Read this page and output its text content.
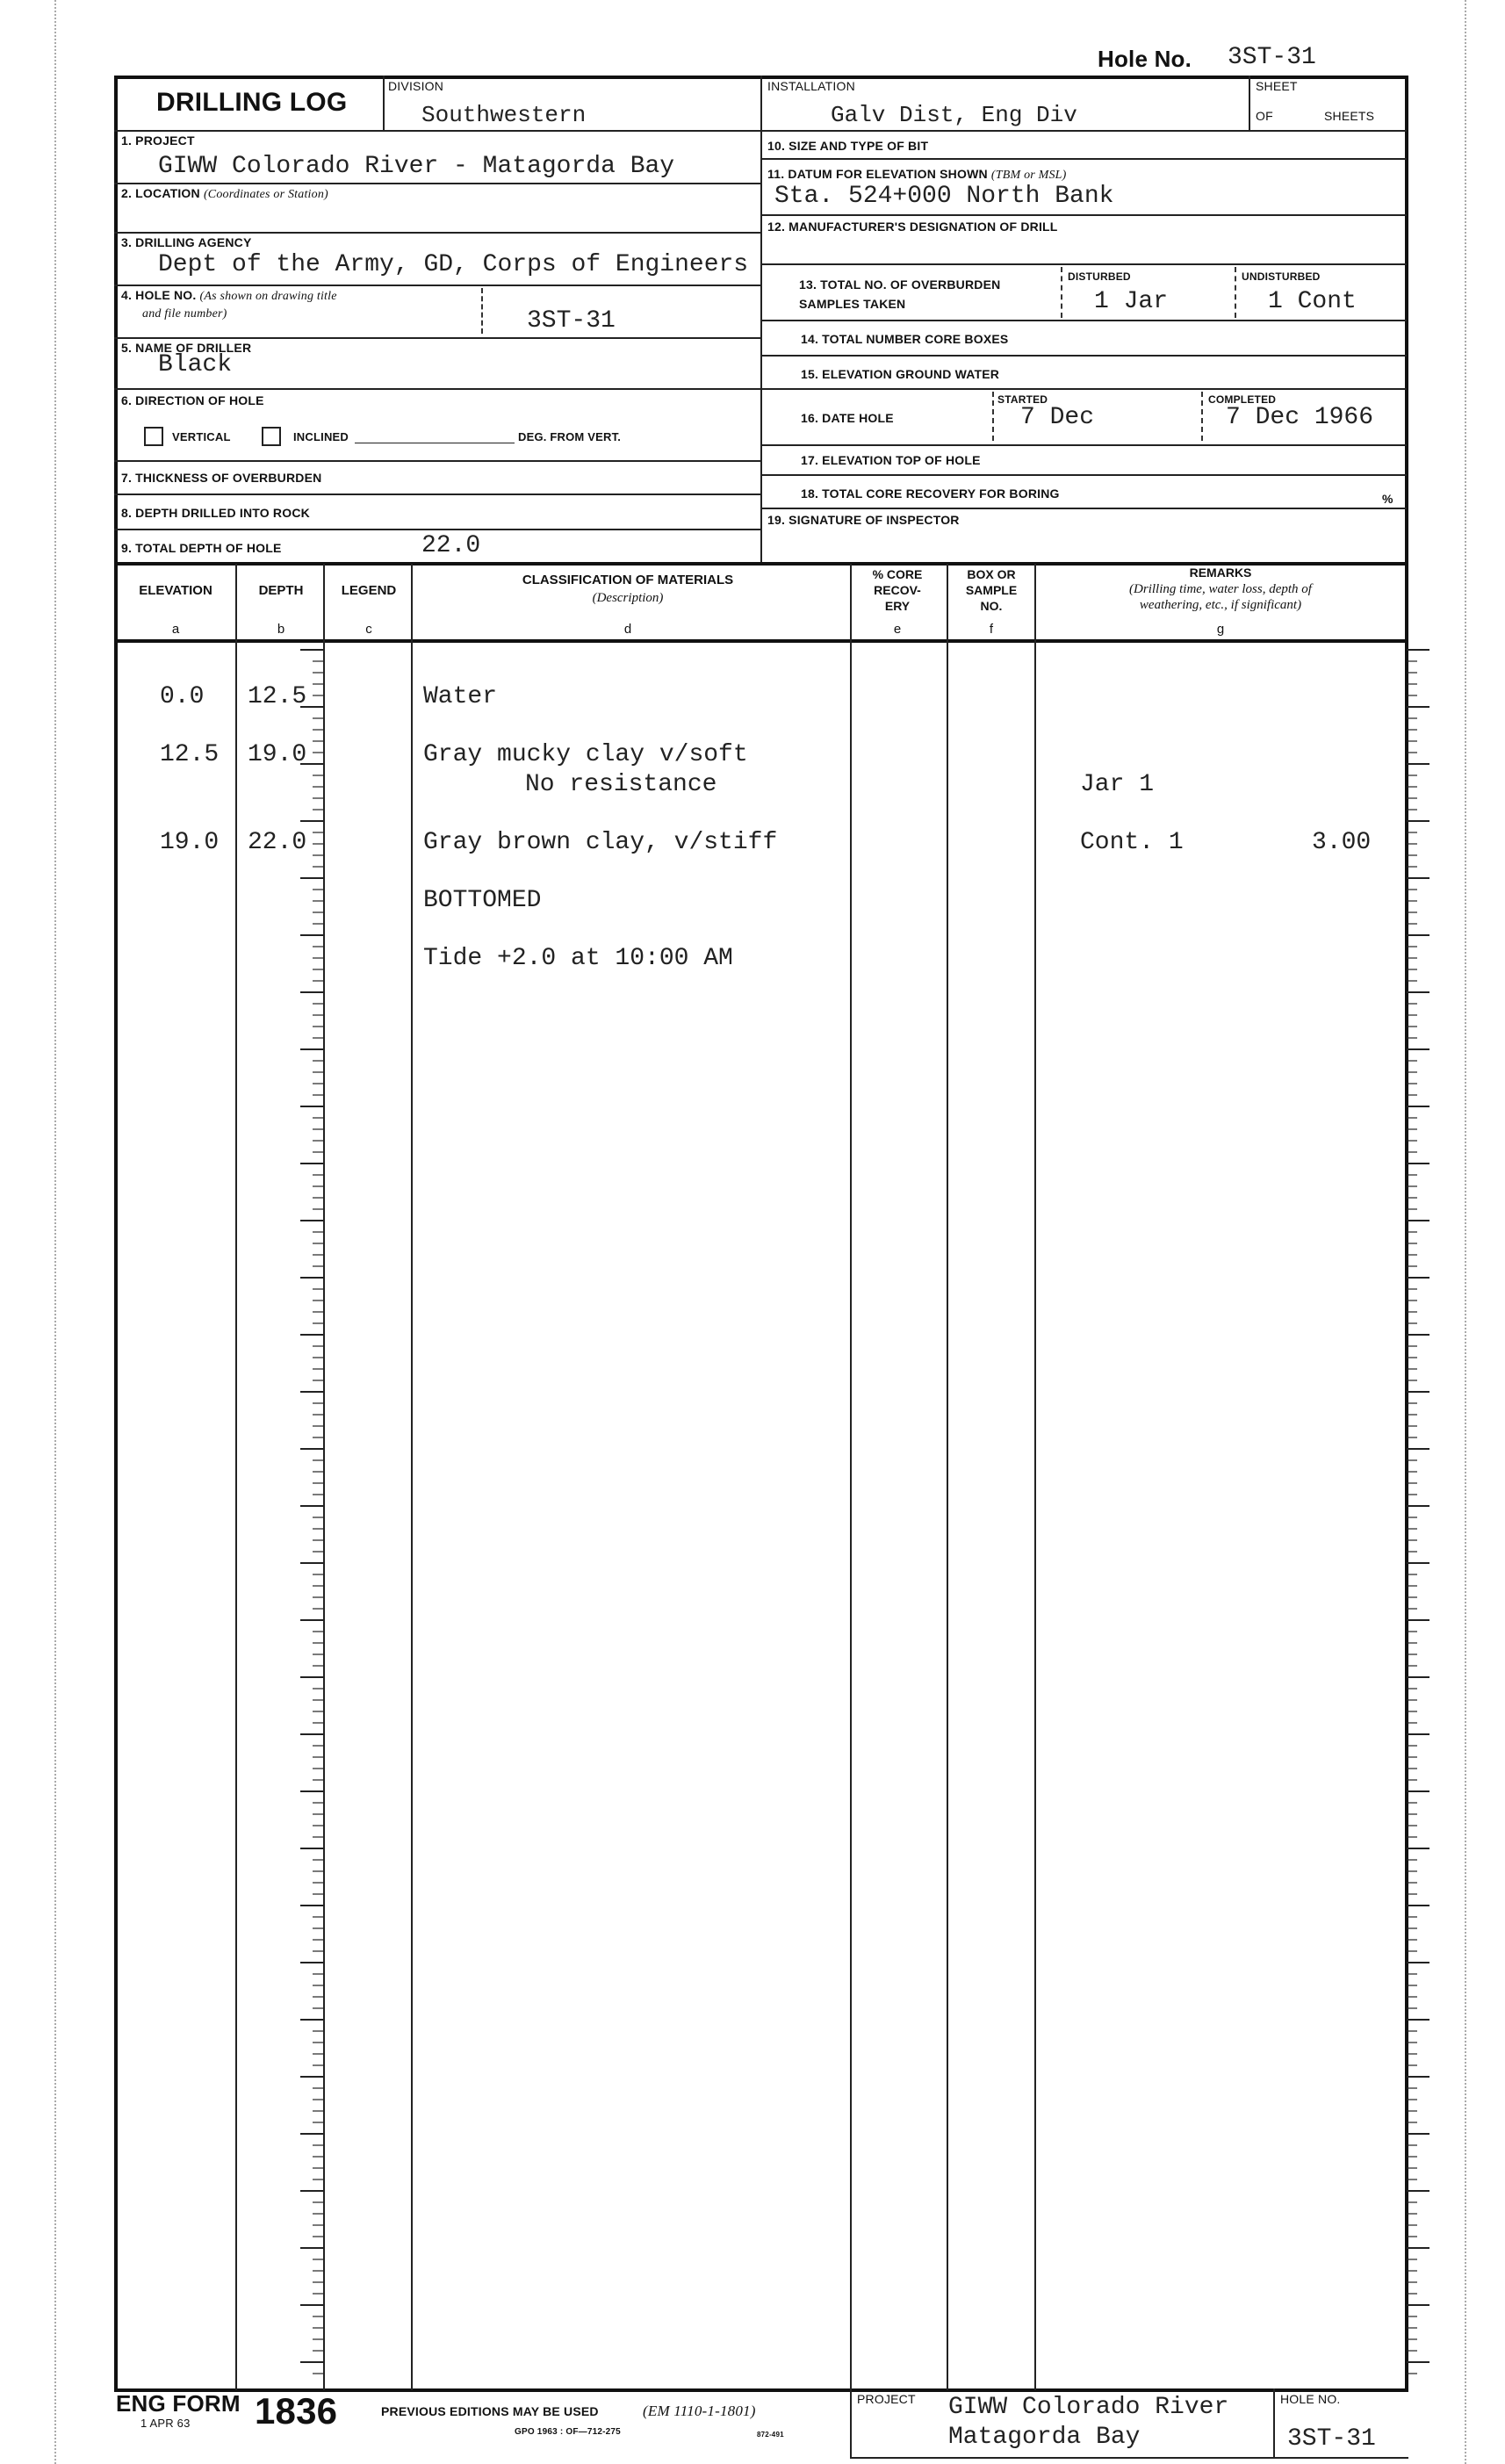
Hole No. 3ST-31
DRILLING LOG
DIVISION
Southwestern
1. PROJECT
GIWW Colorado River - Matagorda Bay
2. LOCATION (Coordinates or Station)
3. DRILLING AGENCY
Dept of the Army, GD, Corps of Engineers
4. HOLE NO. (As shown on drawing title
and file number)	3ST-31
5. NAME OF DRILLER
Black
6. DIRECTION OF HOLE
VERTICAL	INCLINED	DEG. FROM VERT.
7. THICKNESS OF OVERBURDEN
8. DEPTH DRILLED INTO ROCK
9. TOTAL DEPTH OF HOLE	22.0
INSTALLATION
Galv Dist, Eng Div
SHEET
OF	SHEETS
10. SIZE AND TYPE OF BIT
11. DATUM FOR ELEVATION SHOWN (TBM or MSL)
Sta. 524+000 North Bank
12. MANUFACTURER'S DESIGNATION OF DRILL
13. TOTAL NO. OF OVERBURDEN
SAMPLES TAKEN
DISTURBED
1 Jar
UNDISTURBED
1 Cont
14. TOTAL NUMBER CORE BOXES
15. ELEVATION GROUND WATER
16. DATE HOLE
STARTED
7 Dec
COMPLETED
7 Dec 1966
17. ELEVATION TOP OF HOLE
18. TOTAL CORE RECOVERY FOR BORING	%
19. SIGNATURE OF INSPECTOR
ELEVATION
a
DEPTH
b
LEGEND
c
CLASSIFICATION OF MATERIALS
(Description)
d
% CORE
RECOV-
ERY
e
BOX OR
SAMPLE
NO.
f
REMARKS
(Drilling time, water loss, depth of
weathering, etc., if significant)
g
0.0 12.5	Water
12.5 19.0	Gray mucky clay v/soft
No resistance	Jar 1
19.0 22.0	Gray brown clay, v/stiff	Cont. 1	3.00
BOTTOMED
Tide +2.0 at 10:00 AM
ENG FORM 1836
1 APR 63
PREVIOUS EDITIONS MAY BE USED	(EM 1110-1-1801)
GPO 1963 : OF—712-275	872-491
PROJECT GIWW Colorado River
Matagorda Bay
HOLE NO.
3ST-31
